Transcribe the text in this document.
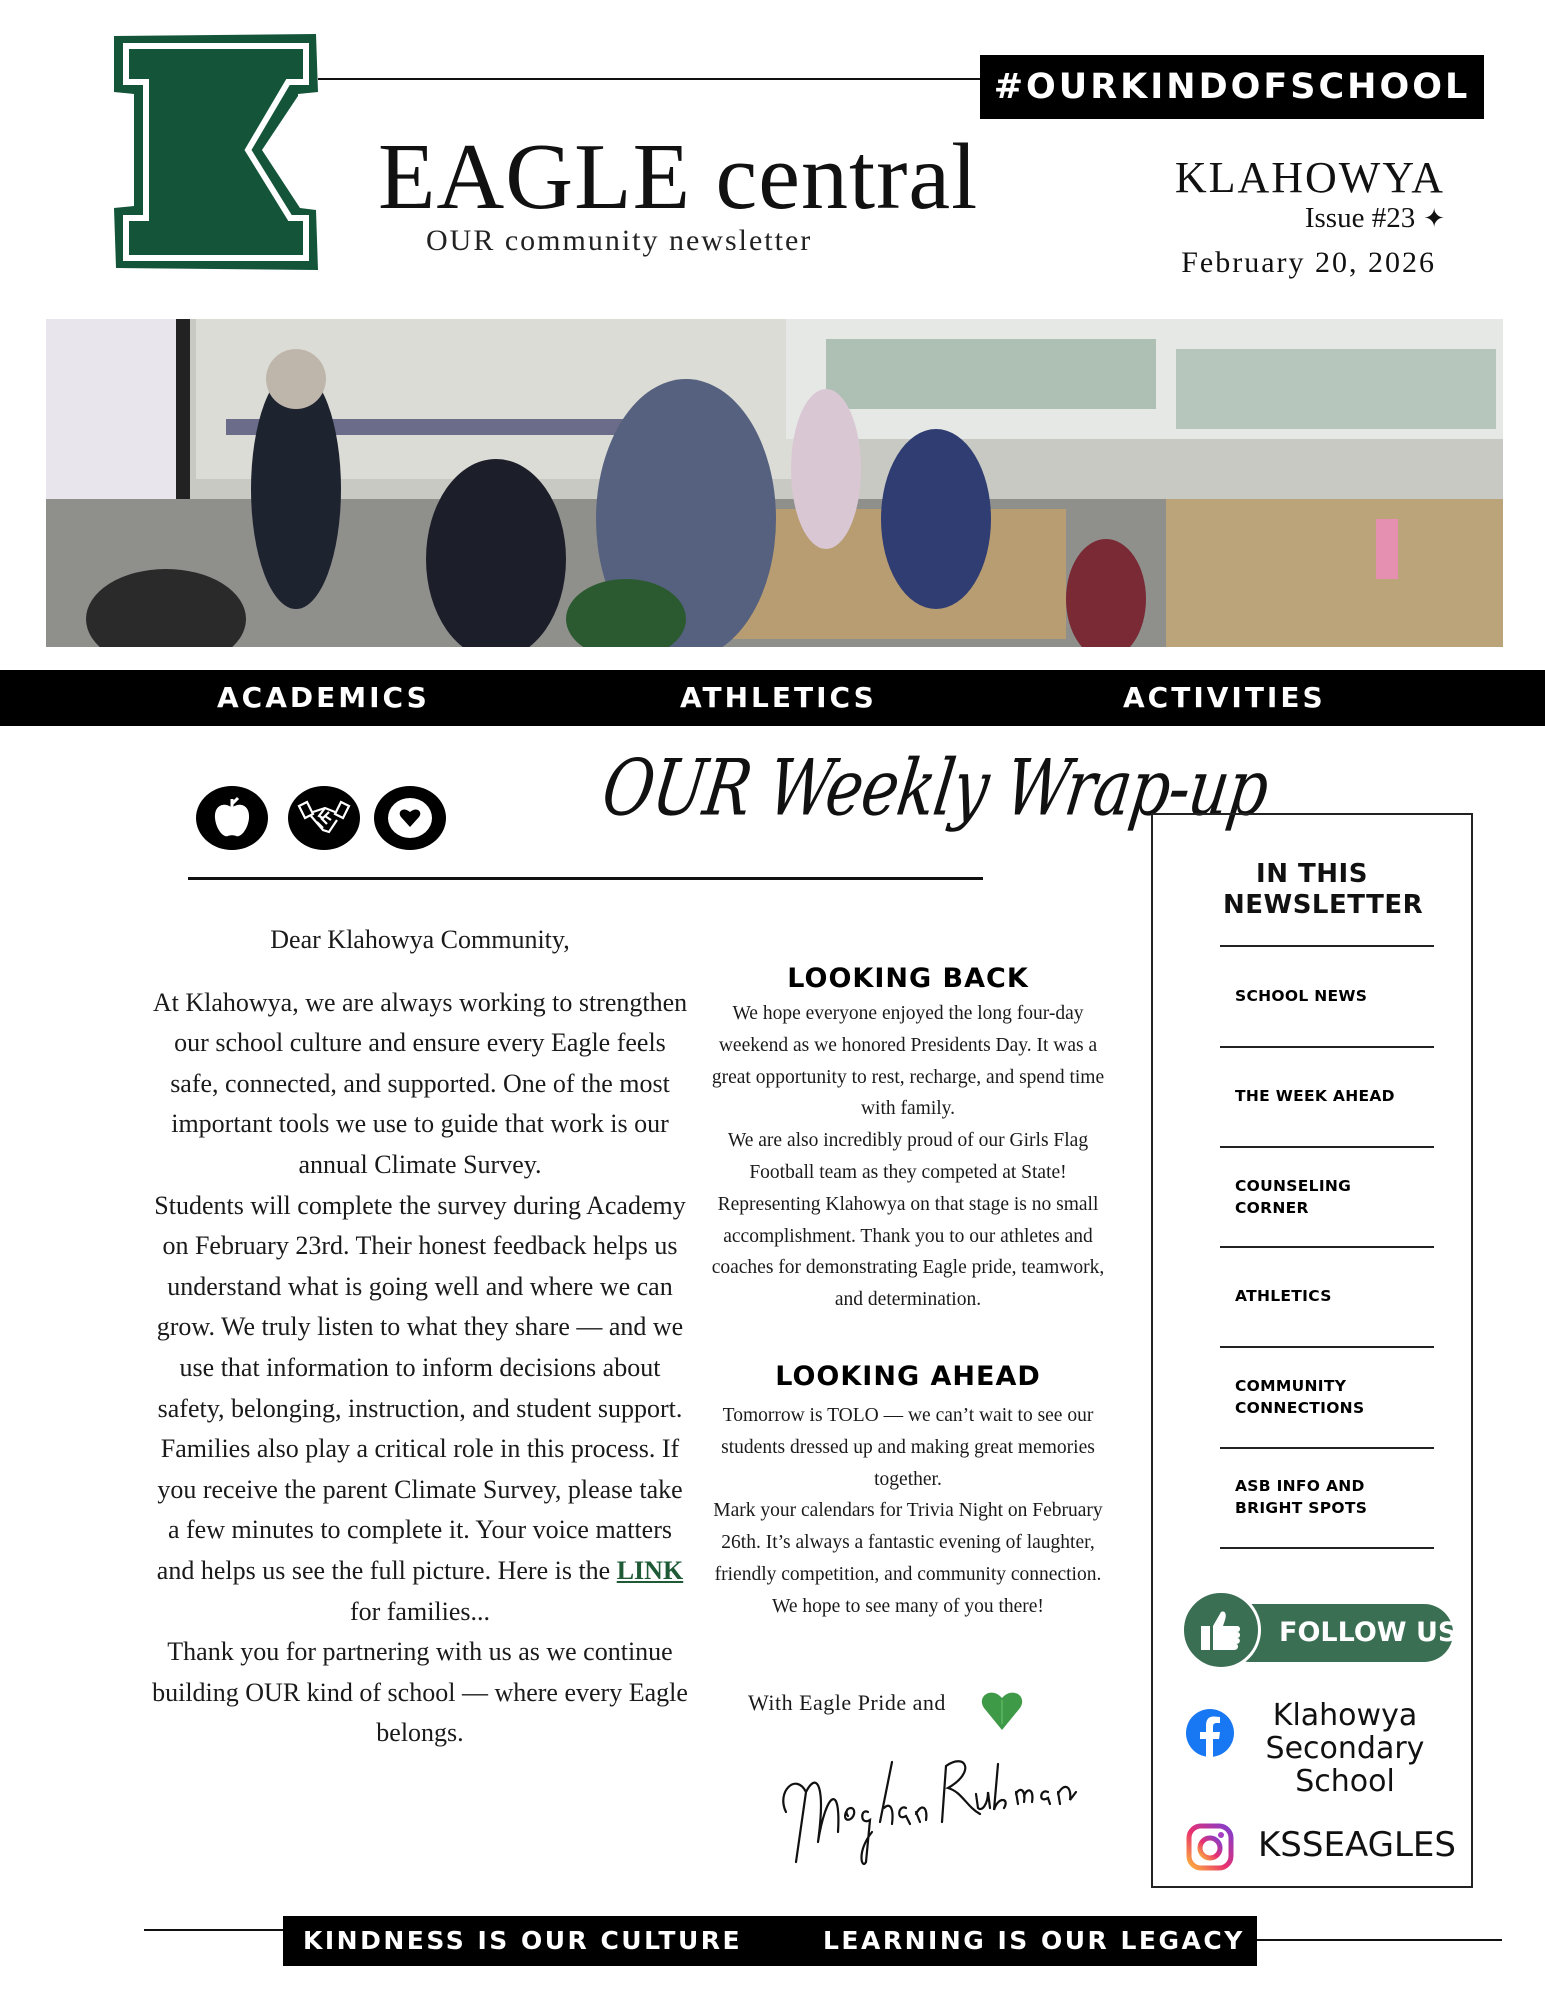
#OURKINDOFSCHOOL
EAGLE central
OUR community newsletter
KLAHOWYA
Issue #23 ✦
February 20, 2026
ACADEMICS	ATHLETICS	ACTIVITIES
OUR Weekly Wrap-up

Dear Klahowya Community,

At Klahowya, we are always working to strengthen our school culture and ensure every Eagle feels safe, connected, and supported. One of the most important tools we use to guide that work is our annual Climate Survey.

Students will complete the survey during Academy on February 23rd. Their honest feedback helps us understand what is going well and where we can grow. We truly listen to what they share — and we use that information to inform decisions about safety, belonging, instruction, and student support.

Families also play a critical role in this process. If you receive the parent Climate Survey, please take a few minutes to complete it. Your voice matters and helps us see the full picture. Here is the LINK for families...

Thank you for partnering with us as we continue building OUR kind of school — where every Eagle belongs.

LOOKING BACK

We hope everyone enjoyed the long four-day weekend as we honored Presidents Day. It was a great opportunity to rest, recharge, and spend time with family.

We are also incredibly proud of our Girls Flag Football team as they competed at State! Representing Klahowya on that stage is no small accomplishment. Thank you to our athletes and coaches for demonstrating Eagle pride, teamwork, and determination.

LOOKING AHEAD

Tomorrow is TOLO — we can’t wait to see our students dressed up and making great memories together.

Mark your calendars for Trivia Night on February 26th. It’s always a fantastic evening of laughter, friendly competition, and community connection. We hope to see many of you there!

With Eagle Pride and
IN THIS NEWSLETTER
SCHOOL NEWS
THE WEEK AHEAD
COUNSELING CORNER
ATHLETICS
COMMUNITY CONNECTIONS
ASB INFO AND BRIGHT SPOTS
FOLLOW US
Klahowya Secondary School
KSSEAGLES
KINDNESS IS OUR CULTURE	LEARNING IS OUR LEGACY
